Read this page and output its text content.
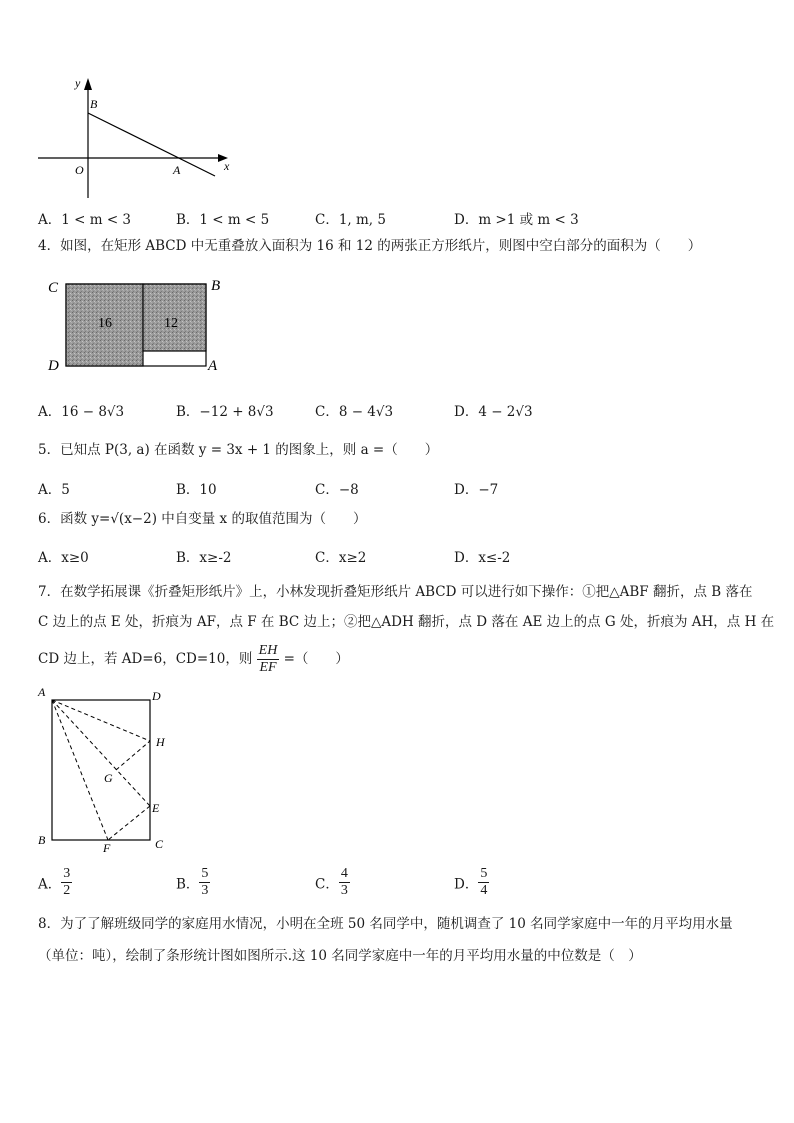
y
x
B
O	A
A．1 < m < 3	B．1 < m < 5	C．1, m, 5	D．m >1 或 m < 3
4．如图，在矩形 ABCD 中无重叠放入面积为 16 和 12 的两张正方形纸片，则图中空白部分的面积为（　　）
16	12
C	B
D	A
A．16 − 8√3	B．−12 + 8√3	C．8 − 4√3	D．4 − 2√3
5．已知点 P(3, a) 在函数 y = 3x + 1 的图象上，则 a =（　　）
A．5	B．10	C．−8	D．−7
6．函数 y=√(x−2) 中自变量 x 的取值范围为（　　）
A．x≥0	B．x≥-2	C．x≥2	D．x≤-2
7．在数学拓展课《折叠矩形纸片》上，小林发现折叠矩形纸片 ABCD 可以进行如下操作：①把△ABF 翻折，点 B 落在
C 边上的点 E 处，折痕为 AF，点 F 在 BC 边上；②把△ADH 翻折，点 D 落在 AE 边上的点 G 处，折痕为 AH，点 H 在
CD 边上，若 AD=6，CD=10，则 $\frac{EH}{EF}$ =（　　）
A	D
H
G
E
B
F	C
A． $\frac{3}{2}$	B． $\frac{5}{3}$	C． $\frac{4}{3}$	D． $\frac{5}{4}$
8．为了了解班级同学的家庭用水情况，小明在全班 50 名同学中，随机调查了 10 名同学家庭中一年的月平均用水量
（单位：吨），绘制了条形统计图如图所示.这 10 名同学家庭中一年的月平均用水量的中位数是（　）
